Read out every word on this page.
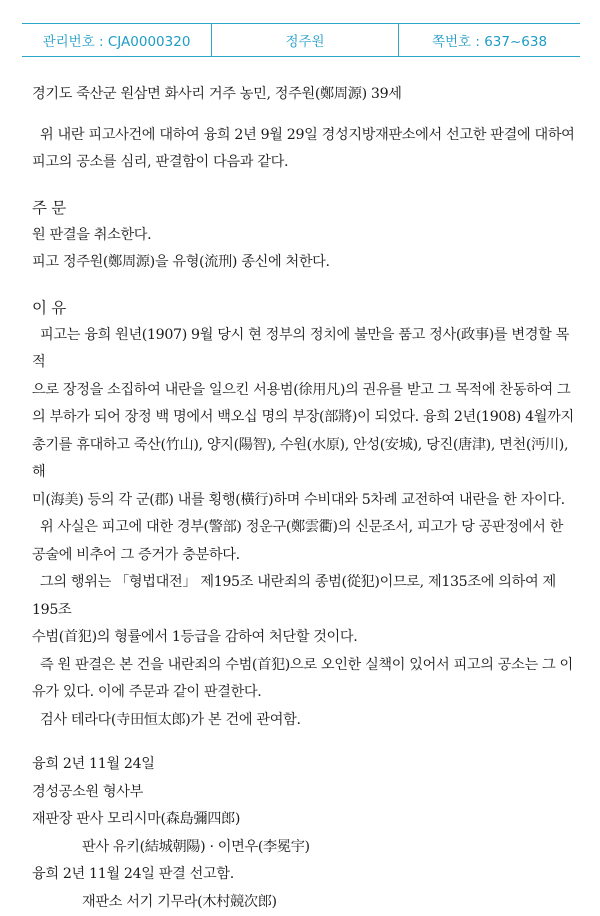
관리번호 : CJA0000320	정주원	쪽번호 : 637~638

경기도 죽산군 원삼면 화사리 거주 농민, 정주원(鄭周源) 39세

위 내란 피고사건에 대하여 융희 2년 9월 29일 경성지방재판소에서 선고한 판결에 대하여

피고의 공소를 심리, 판결함이 다음과 같다.

주 문

원 판결을 취소한다.

피고 정주원(鄭周源)을 유형(流刑) 종신에 처한다.

이 유

피고는 융희 원년(1907) 9월 당시 현 정부의 정치에 불만을 품고 정사(政事)를 변경할 목적

으로 장정을 소집하여 내란을 일으킨 서용범(徐用凡)의 권유를 받고 그 목적에 찬동하여 그

의 부하가 되어 장정 백 명에서 백오십 명의 부장(部將)이 되었다. 융희 2년(1908) 4월까지

총기를 휴대하고 죽산(竹山), 양지(陽智), 수원(水原), 안성(安城), 당진(唐津), 면천(沔川), 해

미(海美) 등의 각 군(郡) 내를 횡행(橫行)하며 수비대와 5차례 교전하여 내란을 한 자이다.

위 사실은 피고에 대한 경부(警部) 정운구(鄭雲衢)의 신문조서, 피고가 당 공판정에서 한

공술에 비추어 그 증거가 충분하다.

그의 행위는 「형법대전」 제195조 내란죄의 종범(從犯)이므로, 제135조에 의하여 제195조

수범(首犯)의 형률에서 1등급을 감하여 처단할 것이다.

즉 원 판결은 본 건을 내란죄의 수범(首犯)으로 오인한 실책이 있어서 피고의 공소는 그 이

유가 있다. 이에 주문과 같이 판결한다.

검사 테라다(寺田恒太郎)가 본 건에 관여함.

융희 2년 11월 24일

경성공소원 형사부

재판장 판사 모리시마(森島彌四郎)

판사 유키(結城朝陽) · 이면우(李冕宇)

융희 2년 11월 24일 판결 선고함.

재판소 서기 기무라(木村競次郎)
